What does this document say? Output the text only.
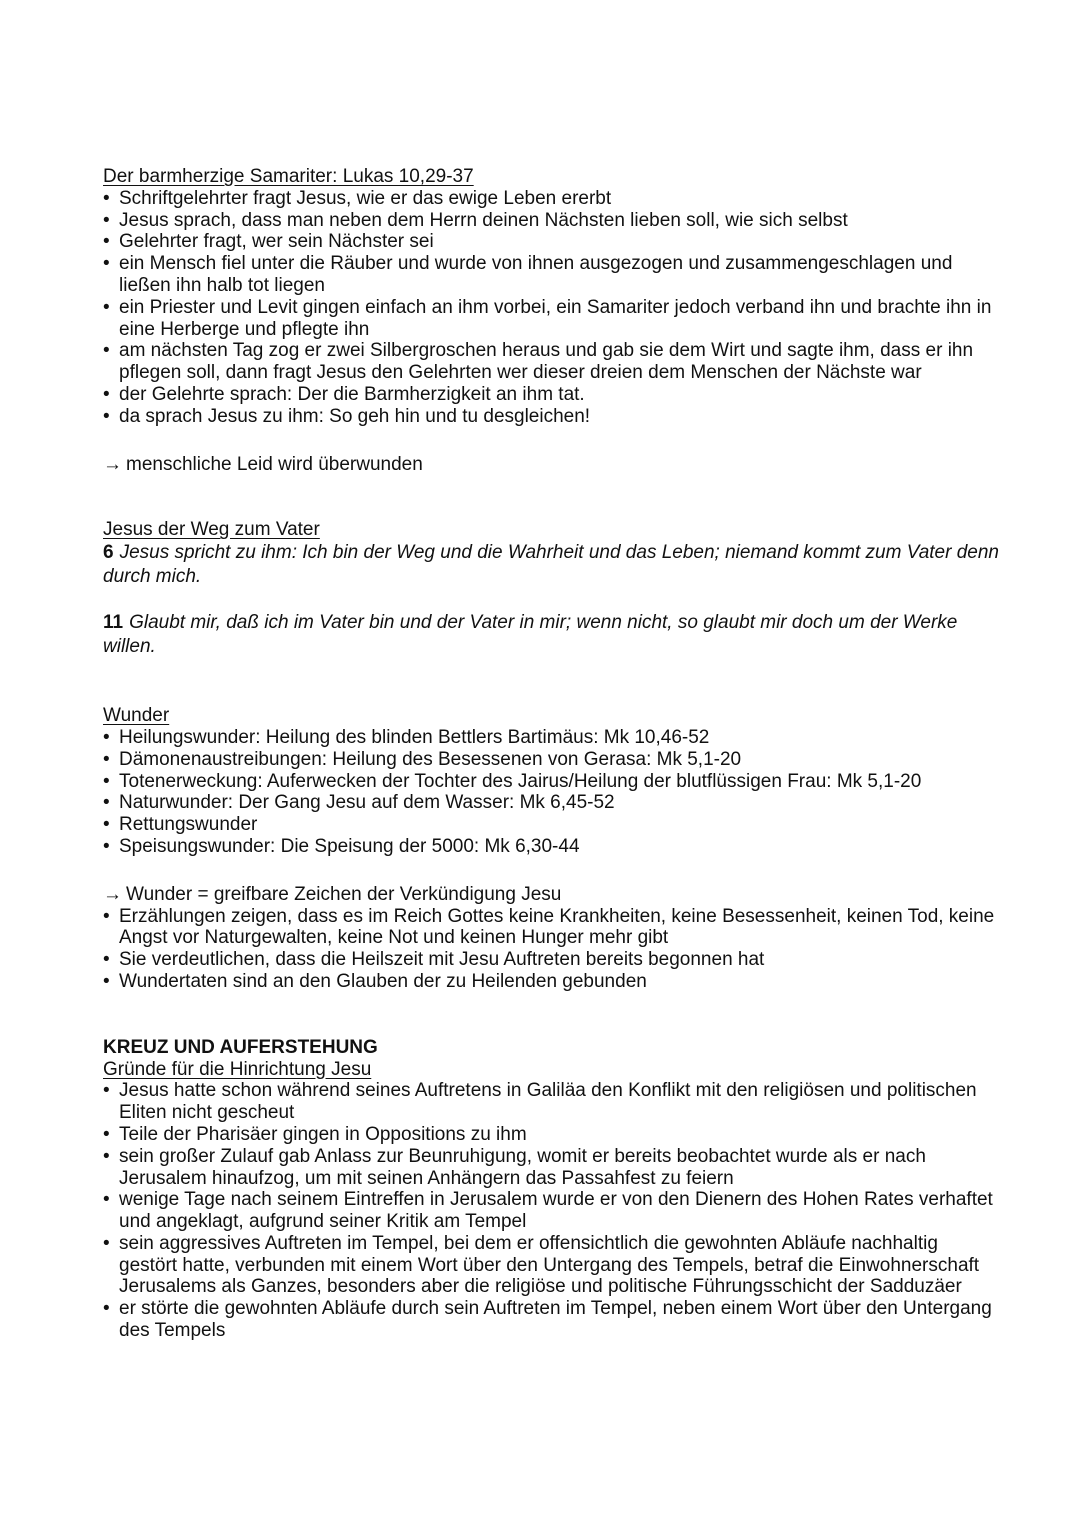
Der barmherzige Samariter: Lukas 10,29-37
• Schriftgelehrter fragt Jesus, wie er das ewige Leben ererbt
• Jesus sprach, dass man neben dem Herrn deinen Nächsten lieben soll, wie sich selbst
• Gelehrter fragt, wer sein Nächster sei
• ein Mensch fiel unter die Räuber und wurde von ihnen ausgezogen und zusammengeschlagen und ließen ihn halb tot liegen
• ein Priester und Levit gingen einfach an ihm vorbei, ein Samariter jedoch verband ihn und brachte ihn in eine Herberge und pflegte ihn
• am nächsten Tag zog er zwei Silbergroschen heraus und gab sie dem Wirt und sagte ihm, dass er ihn pflegen soll, dann fragt Jesus den Gelehrten wer dieser dreien dem Menschen der Nächste war
• der Gelehrte sprach: Der die Barmherzigkeit an ihm tat.
• da sprach Jesus zu ihm: So geh hin und tu desgleichen!
→ menschliche Leid wird überwunden
Jesus der Weg zum Vater
6 Jesus spricht zu ihm: Ich bin der Weg und die Wahrheit und das Leben; niemand kommt zum Vater denn durch mich.
11 Glaubt mir, daß ich im Vater bin und der Vater in mir; wenn nicht, so glaubt mir doch um der Werke willen.
Wunder
• Heilungswunder: Heilung des blinden Bettlers Bartimäus: Mk 10,46-52
• Dämonenaustreibungen: Heilung des Besessenen von Gerasa: Mk 5,1-20
• Totenerweckung: Auferwecken der Tochter des Jairus/Heilung der blutflüssigen Frau: Mk 5,1-20
• Naturwunder: Der Gang Jesu auf dem Wasser: Mk 6,45-52
• Rettungswunder
• Speisungswunder: Die Speisung der 5000: Mk 6,30-44
→ Wunder = greifbare Zeichen der Verkündigung Jesu
• Erzählungen zeigen, dass es im Reich Gottes keine Krankheiten, keine Besessenheit, keinen Tod, keine Angst vor Naturgewalten, keine Not und keinen Hunger mehr gibt
• Sie verdeutlichen, dass die Heilszeit mit Jesu Auftreten bereits begonnen hat
• Wundertaten sind an den Glauben der zu Heilenden gebunden
KREUZ UND AUFERSTEHUNG
Gründe für die Hinrichtung Jesu
• Jesus hatte schon während seines Auftretens in Galiläa den Konflikt mit den religiösen und politischen Eliten nicht gescheut
• Teile der Pharisäer gingen in Oppositions zu ihm
• sein großer Zulauf gab Anlass zur Beunruhigung, womit er bereits beobachtet wurde als er nach Jerusalem hinaufzog, um mit seinen Anhängern das Passahfest zu feiern
• wenige Tage nach seinem Eintreffen in Jerusalem wurde er von den Dienern des Hohen Rates verhaftet und angeklagt, aufgrund seiner Kritik am Tempel
• sein aggressives Auftreten im Tempel, bei dem er offensichtlich die gewohnten Abläufe nachhaltig gestört hatte, verbunden mit einem Wort über den Untergang des Tempels, betraf die Einwohnerschaft Jerusalems als Ganzes, besonders aber die religiöse und politische Führungsschicht der Sadduzäer
• er störte die gewohnten Abläufe durch sein Auftreten im Tempel, neben einem Wort über den Untergang des Tempels
